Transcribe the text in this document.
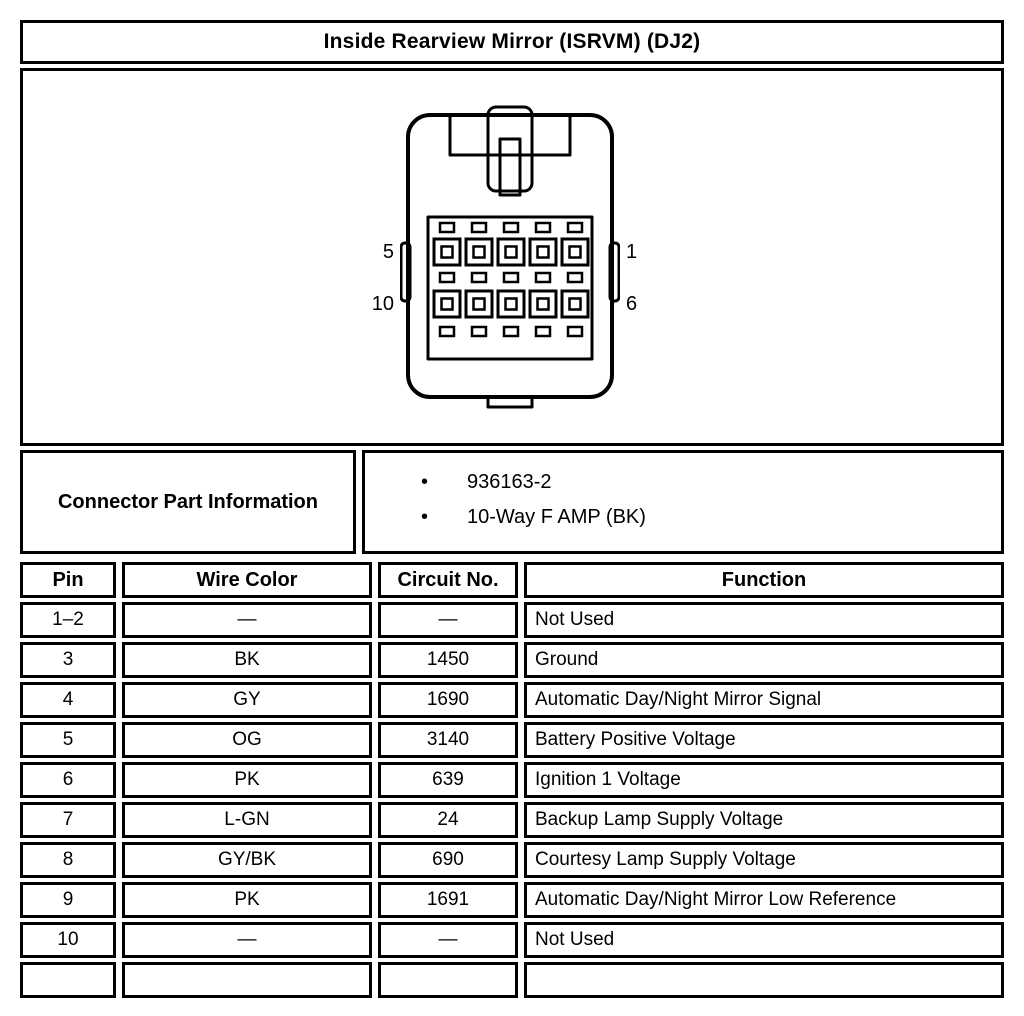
Inside Rearview Mirror (ISRVM) (DJ2)
5
10
1
6
Connector Part Information
• 936163-2
• 10-Way F AMP (BK)
Pin	Wire Color	Circuit No.	Function
1–2	—	—	Not Used
3	BK	1450	Ground
4	GY	1690	Automatic Day/Night Mirror Signal
5	OG	3140	Battery Positive Voltage
6	PK	639	Ignition 1 Voltage
7	L-GN	24	Backup Lamp Supply Voltage
8	GY/BK	690	Courtesy Lamp Supply Voltage
9	PK	1691	Automatic Day/Night Mirror Low Reference
10	—	—	Not Used
